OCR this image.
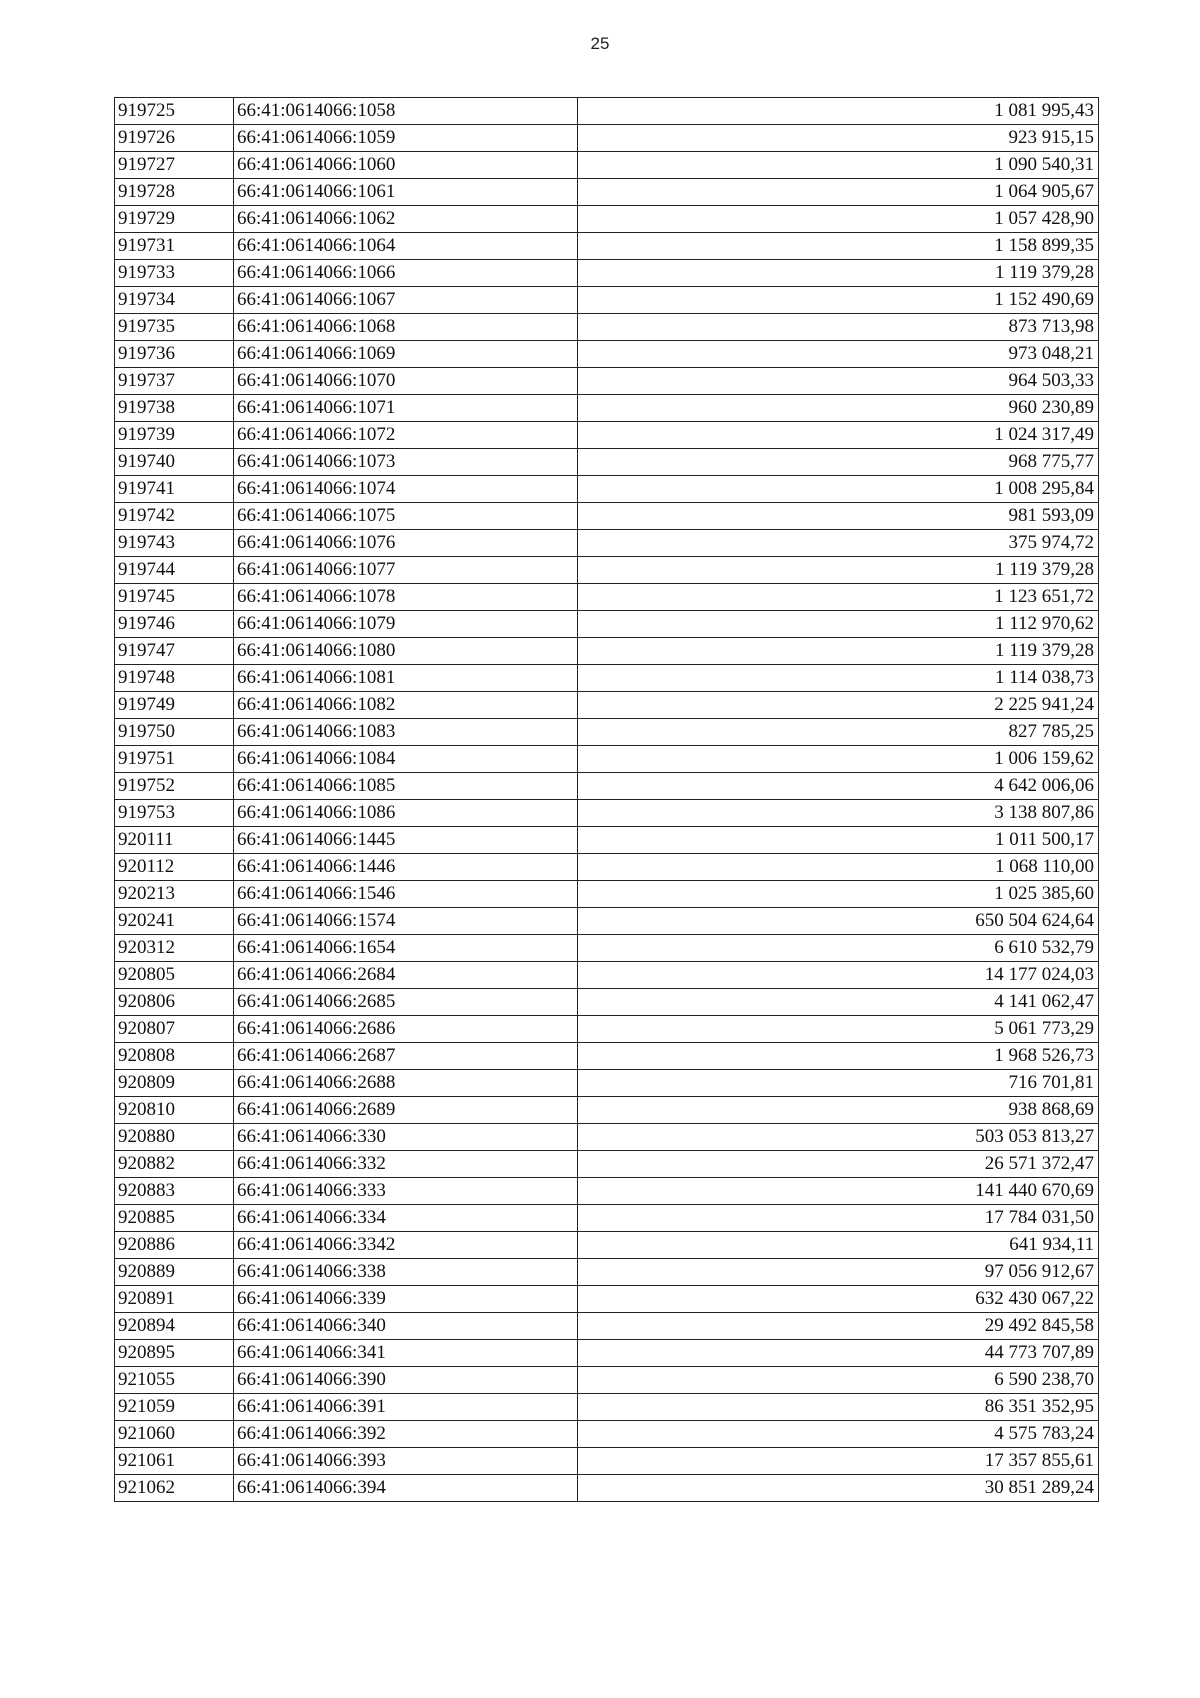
25
919725	66:41:0614066:1058	1 081 995,43
919726	66:41:0614066:1059	923 915,15
919727	66:41:0614066:1060	1 090 540,31
919728	66:41:0614066:1061	1 064 905,67
919729	66:41:0614066:1062	1 057 428,90
919731	66:41:0614066:1064	1 158 899,35
919733	66:41:0614066:1066	1 119 379,28
919734	66:41:0614066:1067	1 152 490,69
919735	66:41:0614066:1068	873 713,98
919736	66:41:0614066:1069	973 048,21
919737	66:41:0614066:1070	964 503,33
919738	66:41:0614066:1071	960 230,89
919739	66:41:0614066:1072	1 024 317,49
919740	66:41:0614066:1073	968 775,77
919741	66:41:0614066:1074	1 008 295,84
919742	66:41:0614066:1075	981 593,09
919743	66:41:0614066:1076	375 974,72
919744	66:41:0614066:1077	1 119 379,28
919745	66:41:0614066:1078	1 123 651,72
919746	66:41:0614066:1079	1 112 970,62
919747	66:41:0614066:1080	1 119 379,28
919748	66:41:0614066:1081	1 114 038,73
919749	66:41:0614066:1082	2 225 941,24
919750	66:41:0614066:1083	827 785,25
919751	66:41:0614066:1084	1 006 159,62
919752	66:41:0614066:1085	4 642 006,06
919753	66:41:0614066:1086	3 138 807,86
920111	66:41:0614066:1445	1 011 500,17
920112	66:41:0614066:1446	1 068 110,00
920213	66:41:0614066:1546	1 025 385,60
920241	66:41:0614066:1574	650 504 624,64
920312	66:41:0614066:1654	6 610 532,79
920805	66:41:0614066:2684	14 177 024,03
920806	66:41:0614066:2685	4 141 062,47
920807	66:41:0614066:2686	5 061 773,29
920808	66:41:0614066:2687	1 968 526,73
920809	66:41:0614066:2688	716 701,81
920810	66:41:0614066:2689	938 868,69
920880	66:41:0614066:330	503 053 813,27
920882	66:41:0614066:332	26 571 372,47
920883	66:41:0614066:333	141 440 670,69
920885	66:41:0614066:334	17 784 031,50
920886	66:41:0614066:3342	641 934,11
920889	66:41:0614066:338	97 056 912,67
920891	66:41:0614066:339	632 430 067,22
920894	66:41:0614066:340	29 492 845,58
920895	66:41:0614066:341	44 773 707,89
921055	66:41:0614066:390	6 590 238,70
921059	66:41:0614066:391	86 351 352,95
921060	66:41:0614066:392	4 575 783,24
921061	66:41:0614066:393	17 357 855,61
921062	66:41:0614066:394	30 851 289,24
